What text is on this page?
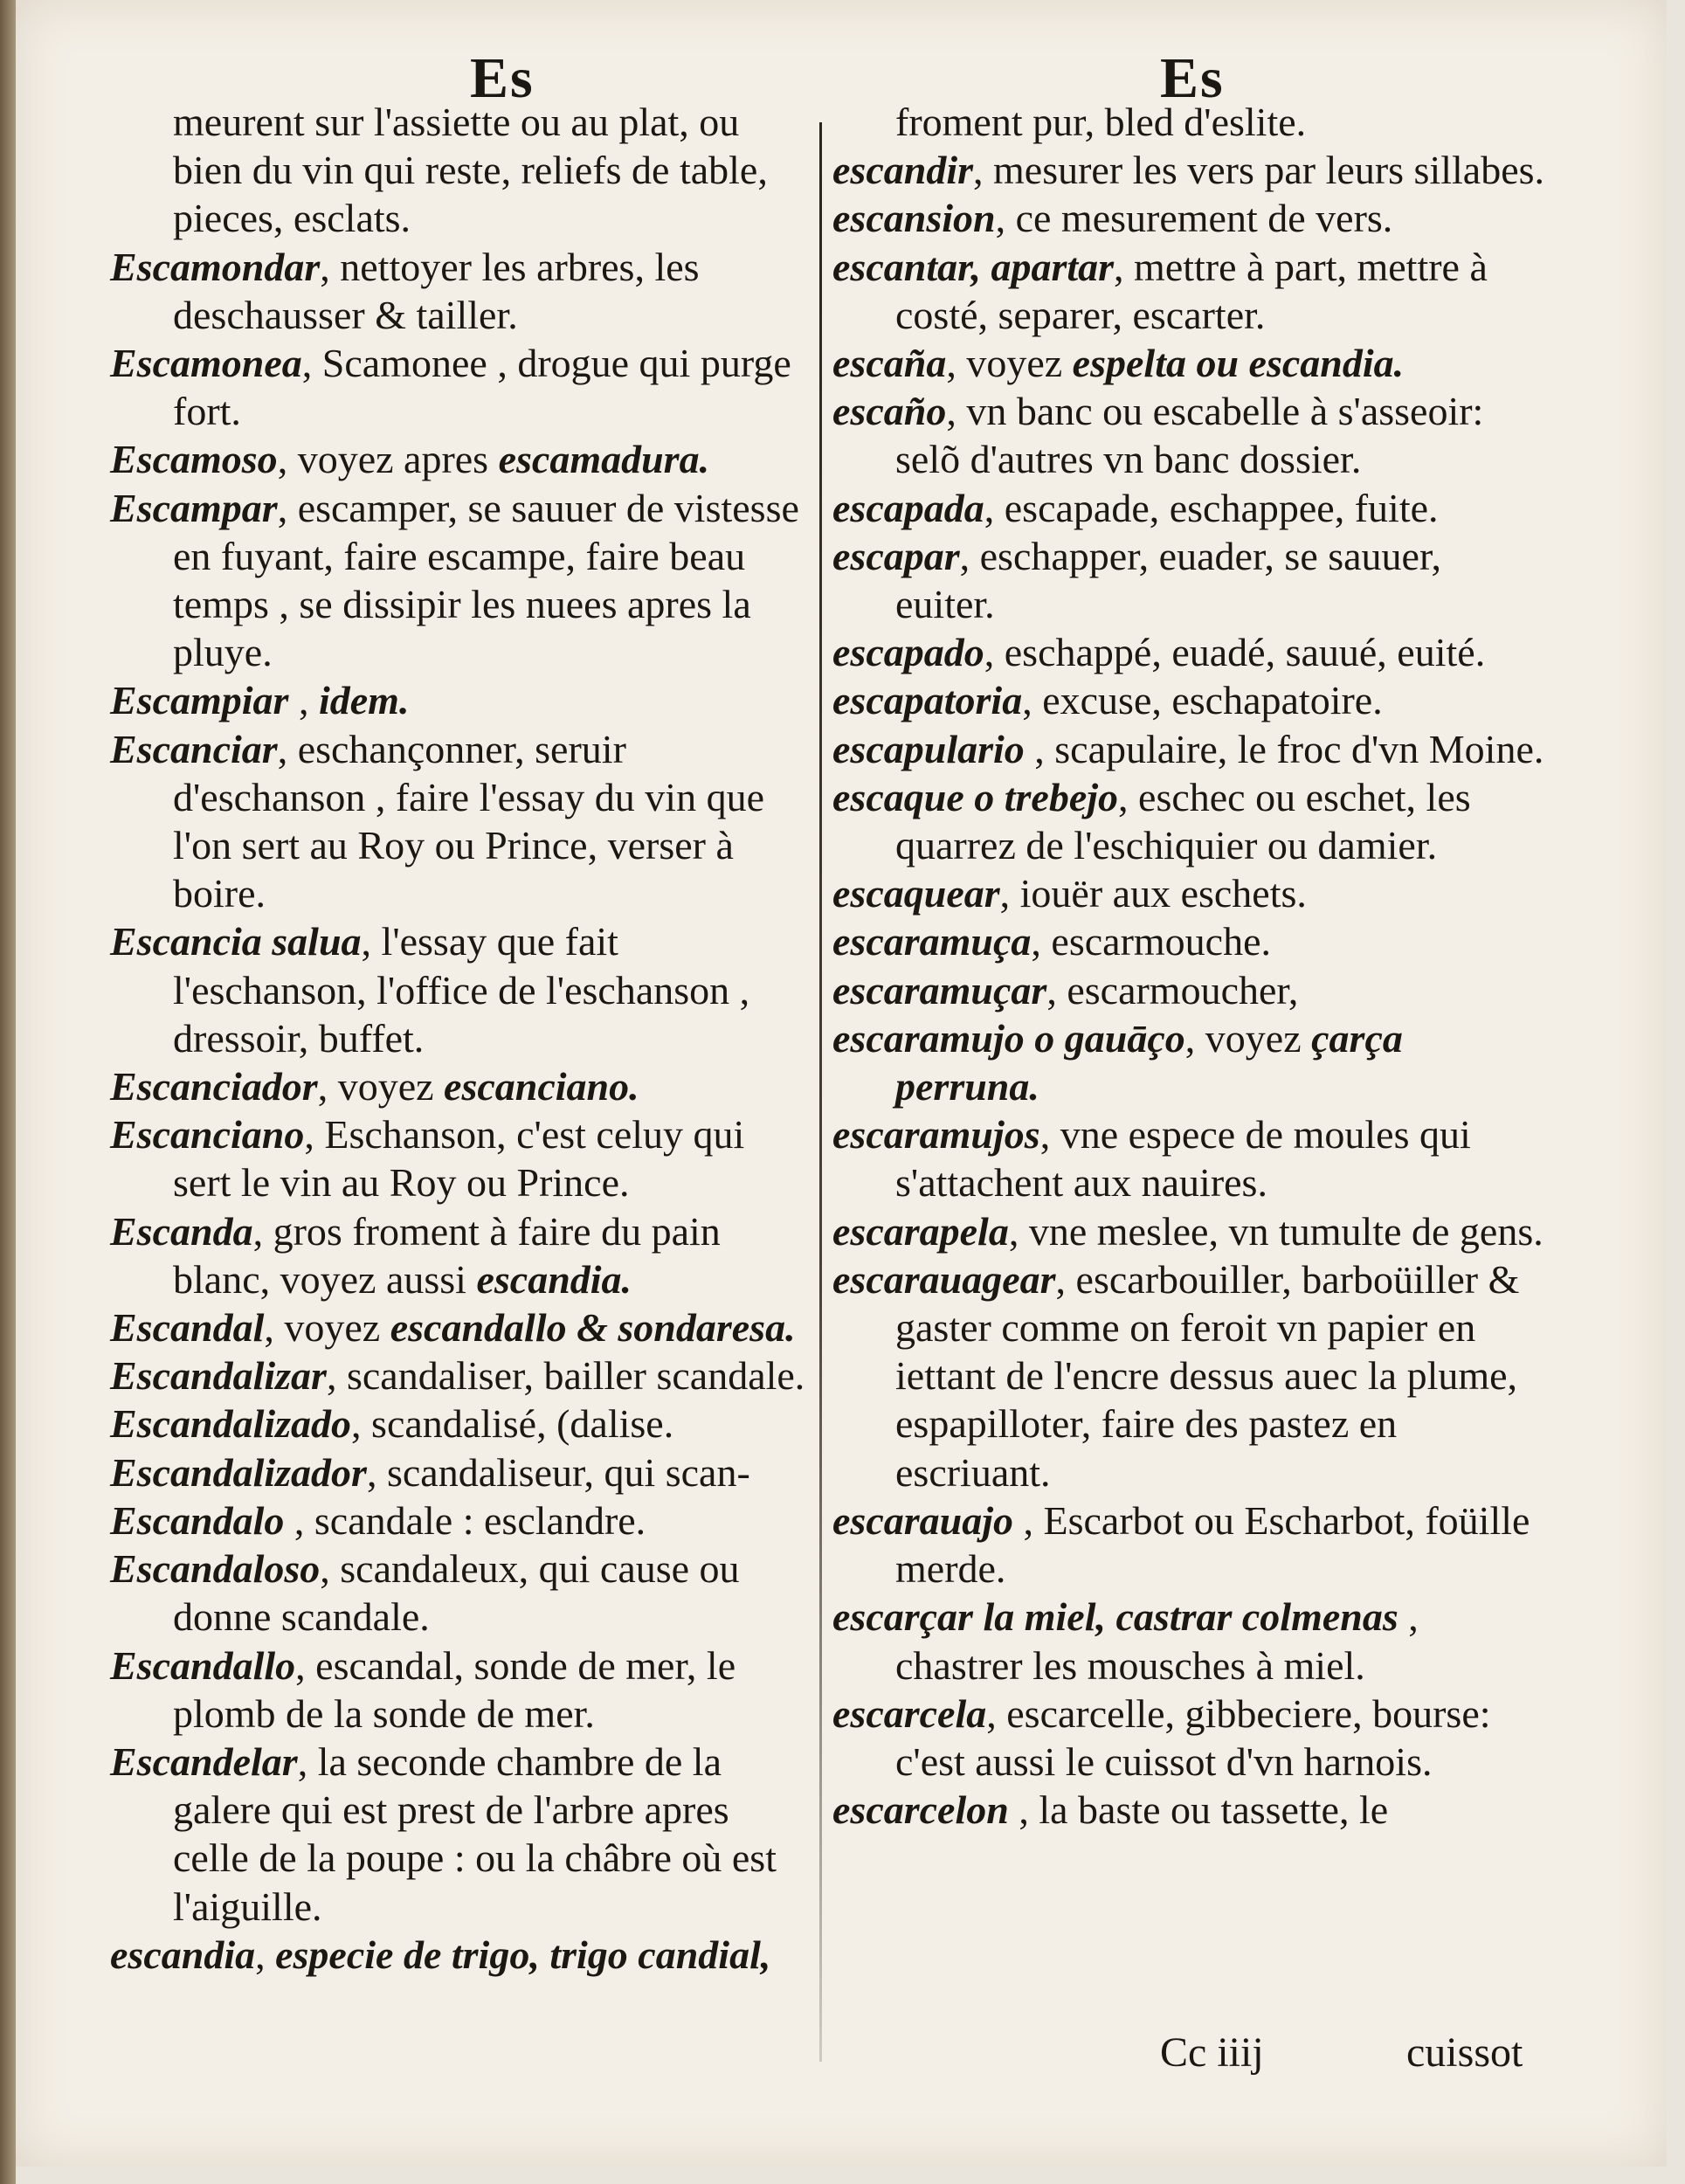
Es	Es

meurent sur l'assiette ou au plat, ou bien du vin qui reste, reliefs de table, pieces, esclats.

Escamondar, nettoyer les arbres, les deschausser & tailler.

Escamonea, Scamonee , drogue qui purge fort.

Escamoso, voyez apres escamadura.

Escampar, escamper, se sauuer de vistesse en fuyant, faire escampe, faire beau temps , se dissipir les nuees apres la pluye.

Escampiar , idem.

Escanciar, eschançonner, seruir d'eschanson , faire l'essay du vin que l'on sert au Roy ou Prince, verser à boire.

Escancia salua, l'essay que fait l'eschanson, l'office de l'eschanson , dressoir, buffet.

Escanciador, voyez escanciano.

Escanciano, Eschanson, c'est celuy qui sert le vin au Roy ou Prince.

Escanda, gros froment à faire du pain blanc, voyez aussi escandia.

Escandal, voyez escandallo & sondaresa.

Escandalizar, scandaliser, bailler scandale.

Escandalizado, scandalisé, (dalise.

Escandalizador, scandaliseur, qui scan-

Escandalo , scandale : esclandre.

Escandaloso, scandaleux, qui cause ou donne scandale.

Escandallo, escandal, sonde de mer, le plomb de la sonde de mer.

Escandelar, la seconde chambre de la galere qui est prest de l'arbre apres celle de la poupe : ou la châbre où est l'aiguille.

escandia, especie de trigo, trigo candial,

froment pur, bled d'eslite.

escandir, mesurer les vers par leurs sillabes.

escansion, ce mesurement de vers.

escantar, apartar, mettre à part, mettre à costé, separer, escarter.

escaña, voyez espelta ou escandia.

escaño, vn banc ou escabelle à s'asseoir: selõ d'autres vn banc dossier.

escapada, escapade, eschappee, fuite.

escapar, eschapper, euader, se sauuer, euiter.

escapado, eschappé, euadé, sauué, euité.

escapatoria, excuse, eschapatoire.

escapulario , scapulaire, le froc d'vn Moine.

escaque o trebejo, eschec ou eschet, les quarrez de l'eschiquier ou damier.

escaquear, iouër aux eschets.

escaramuça, escarmouche.

escaramuçar, escarmoucher,

escaramujo o gauāço, voyez çarça perruna.

escaramujos, vne espece de moules qui s'attachent aux nauires.

escarapela, vne meslee, vn tumulte de gens.

escarauagear, escarbouiller, barboüiller & gaster comme on feroit vn papier en iettant de l'encre dessus auec la plume, espapilloter, faire des pastez en escriuant.

escarauajo , Escarbot ou Escharbot, foüille merde.

escarçar la miel, castrar colmenas , chastrer les mousches à miel.

escarcela, escarcelle, gibbeciere, bourse: c'est aussi le cuissot d'vn harnois.

escarcelon , la baste ou tassette, le

Cc iiij	cuissot
